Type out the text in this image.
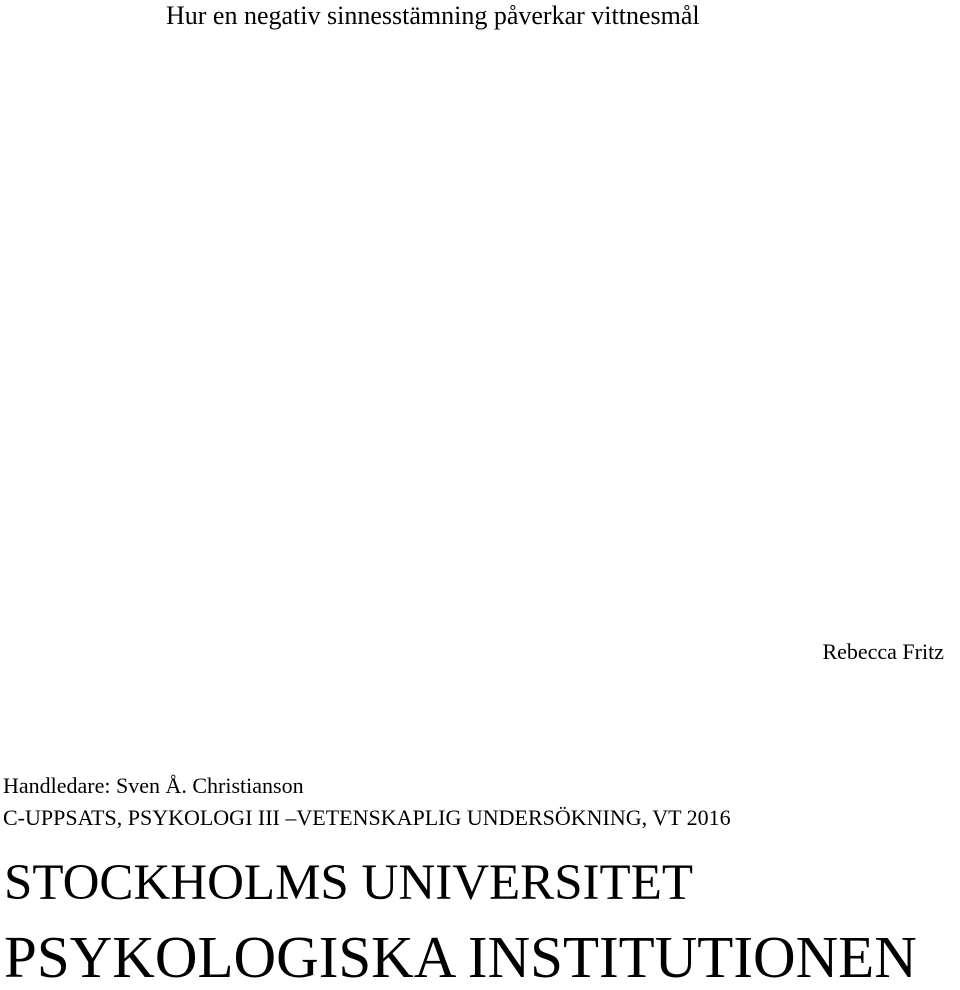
Hur en negativ sinnesstämning påverkar vittnesmål
Rebecca Fritz
Handledare: Sven Å. Christianson
C-UPPSATS, PSYKOLOGI III –VETENSKAPLIG UNDERSÖKNING, VT 2016
STOCKHOLMS UNIVERSITET
PSYKOLOGISKA INSTITUTIONEN
